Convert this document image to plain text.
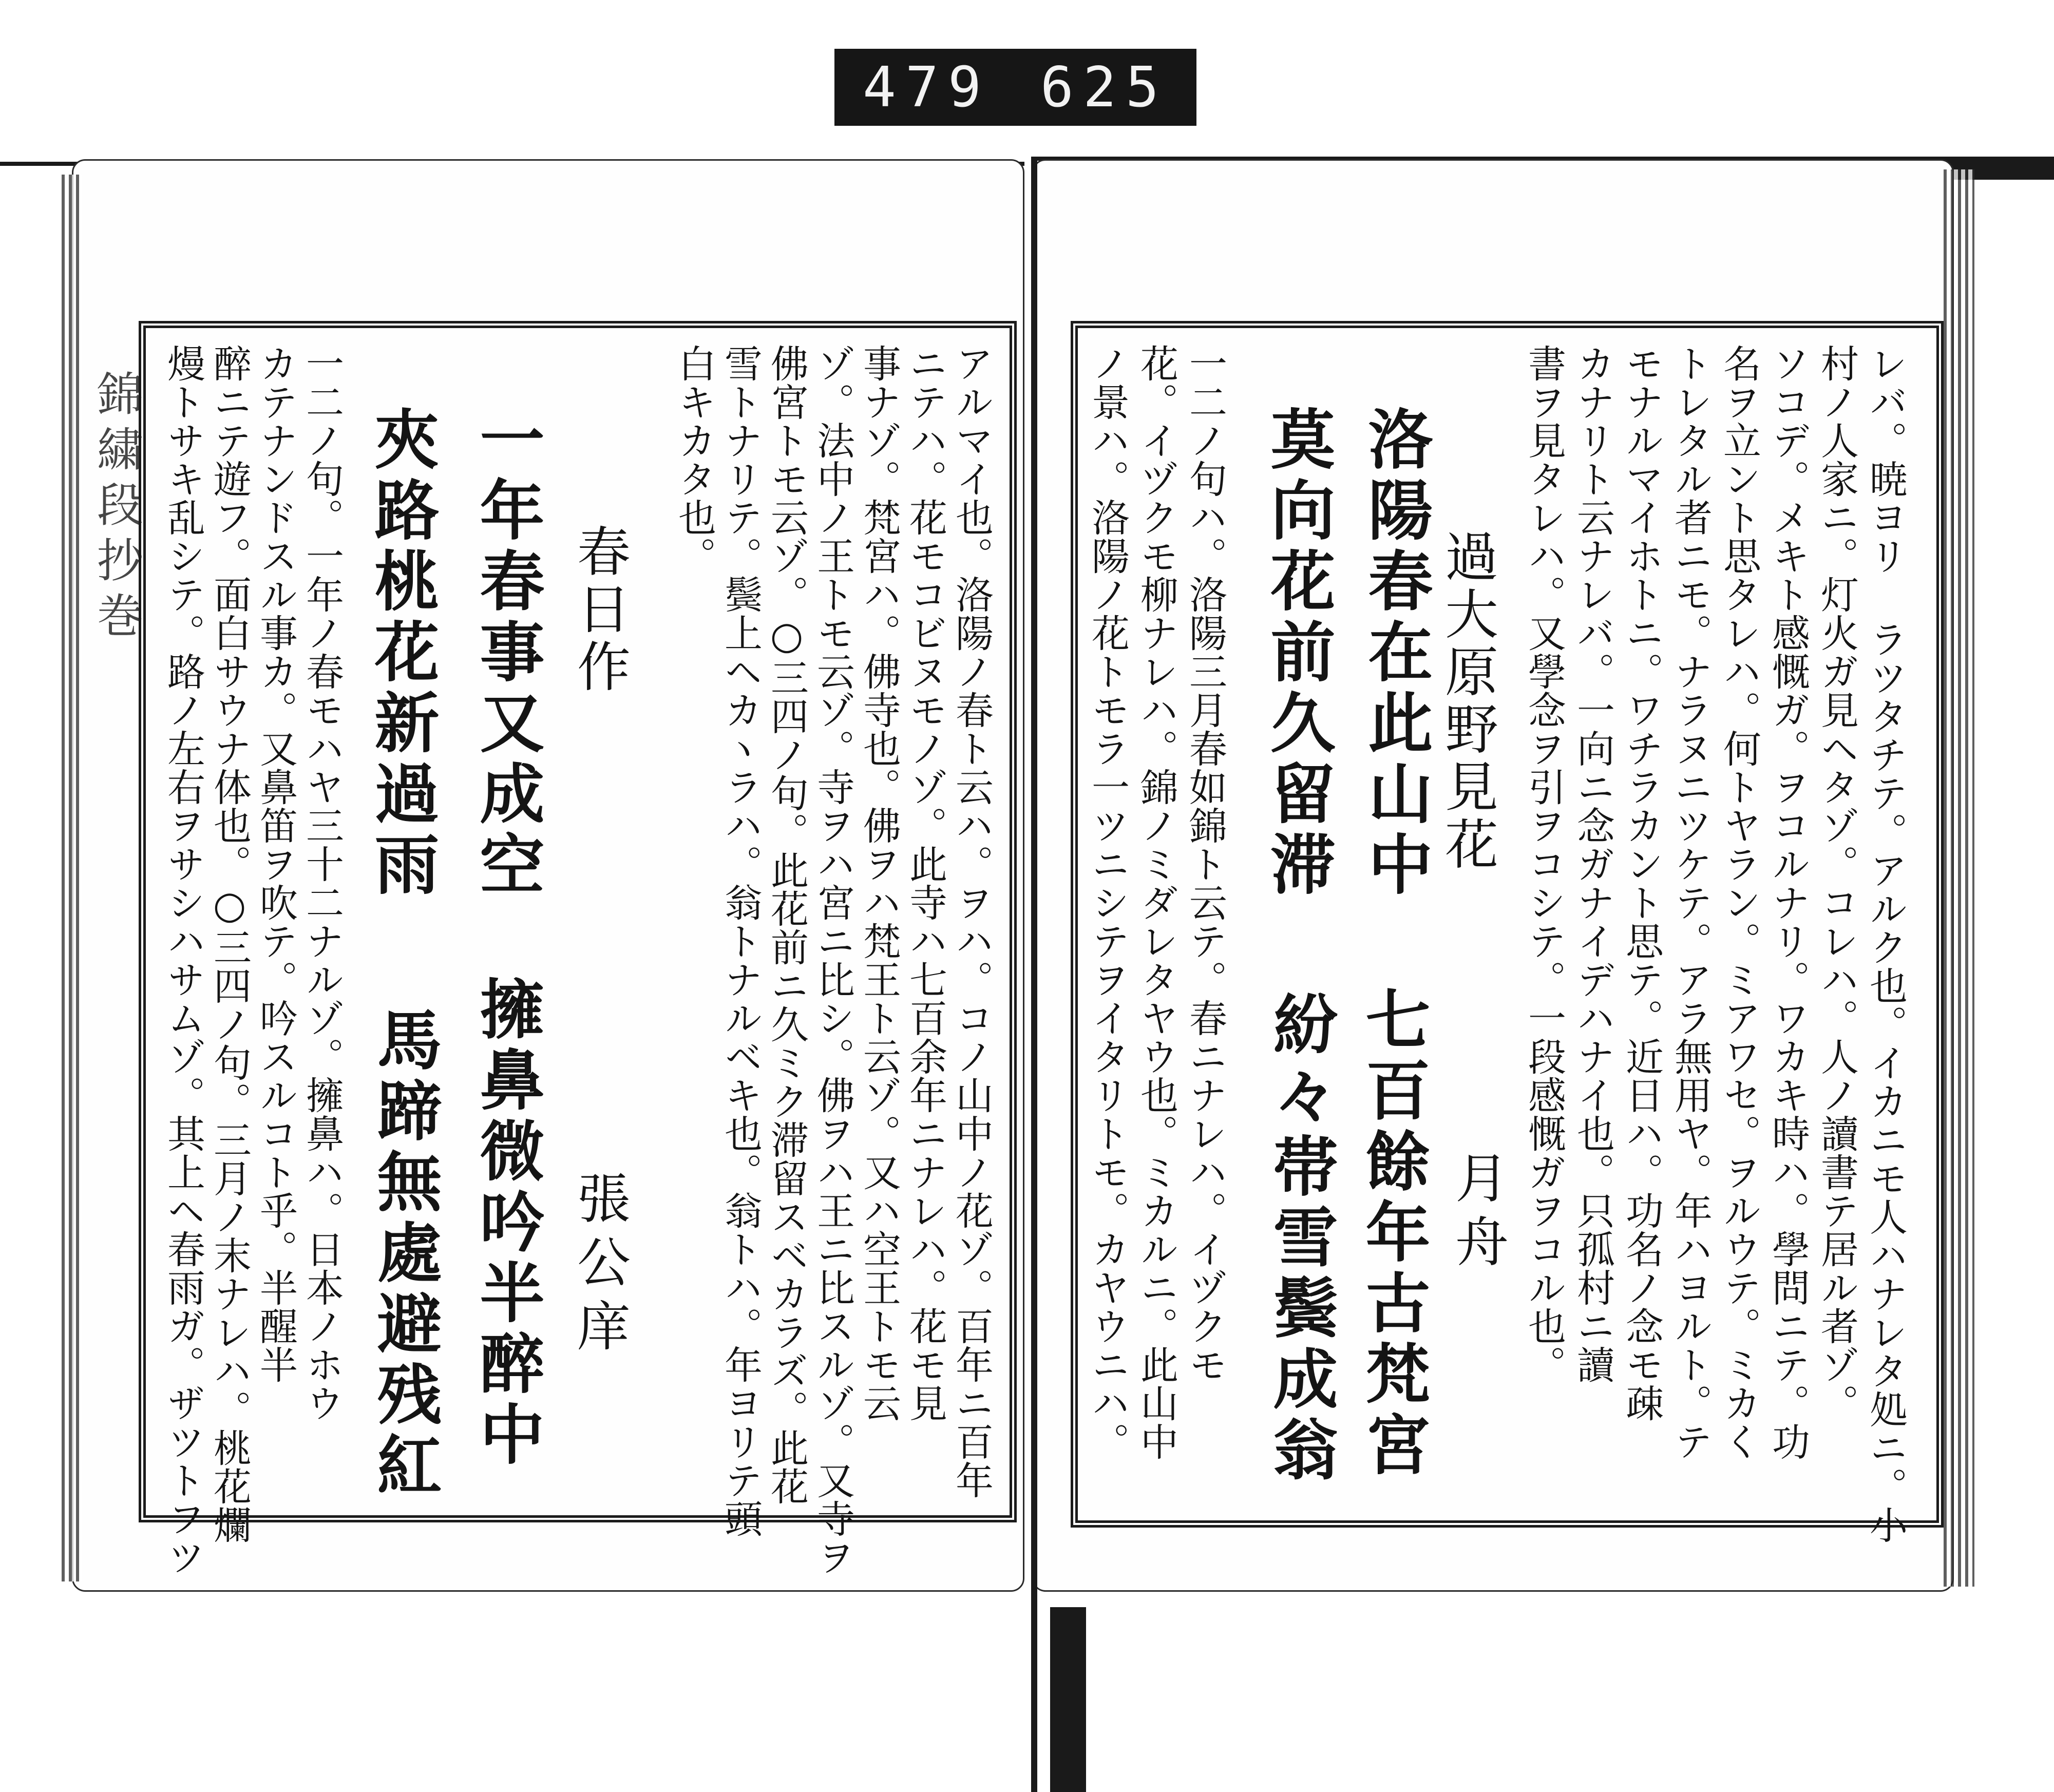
479 625
錦繍段抄巻	レバ。暁ヨリ ラツタチテ。アルク也。イカニモ人ハナレタ処ニ。小
村ノ人家ニ。灯火ガ見ヘタゾ。コレハ。人ノ讀書テ居ル者ゾ。
ソコデ。メキト感慨ガ。ヲコルナリ。ワカキ時ハ。學問ニテ。功
名ヲ立ント思タレハ。何トヤラン。ミアワセ。ヲルウテ。ミカく
トレタル者ニモ。ナラヌニツケテ。アラ無用ヤ。年ハヨルト。テ
モナルマイホトニ。ワチラカント思テ。近日ハ。功名ノ念モ疎
カナリト云ナレバ。一向ニ念ガナイデハナイ也。只孤村ニ讀
書ヲ見タレハ。又學念ヲ引ヲコシテ。一段感慨ガヲコル也。
過大原野見花
月舟
洛陽春在此山中
莫向花前久留滞
七百餘年古梵宮
紛々帯雪鬓成翁
一二ノ句ハ。洛陽三月春如錦ト云テ。春ニナレハ。イヅクモ
花。イヅクモ柳ナレハ。錦ノミダレタヤウ也。ミカルニ。此山中
ノ景ハ。洛陽ノ花トモラ一ツニシテヲイタリトモ。カヤウニハ。
アルマイ也。洛陽ノ春ト云ハ。ヲハ。コノ山中ノ花ゾ。百年ニ百年
ニテハ。花モコビヌモノゾ。此寺ハ七百余年ニナレハ。花モ見
事ナゾ。梵宮ハ。佛寺也。佛ヲハ梵王ト云ゾ。又ハ空王トモ云
ゾ。法中ノ王トモ云ゾ。寺ヲハ宮ニ比シ。佛ヲハ王ニ比スルゾ。又寺ヲ
佛宮トモ云ゾ。○三四ノ句。此花前ニ久ミク滞留スベカラズ。此花
雪トナリテ。鬓上ヘカヽラハ。翁トナルベキ也。翁トハ。年ヨリテ頭
白キカタ也。
春日作
張公庠
一年春事又成空
夾路桃花新過雨
擁鼻微吟半醉中
馬蹄無處避残紅
一二ノ句。一年ノ春モハヤ三十二ナルゾ。擁鼻ハ。日本ノホウ
カテナンドスル事カ。又鼻笛ヲ吹テ。吟スルコト乎。半醒半
醉ニテ遊フ。面白サウナ体也。○三四ノ句。三月ノ末ナレハ。桃花爛
熳トサキ乱シテ。路ノ左右ヲサシハサムゾ。其上ヘ春雨ガ。ザツトフツ
